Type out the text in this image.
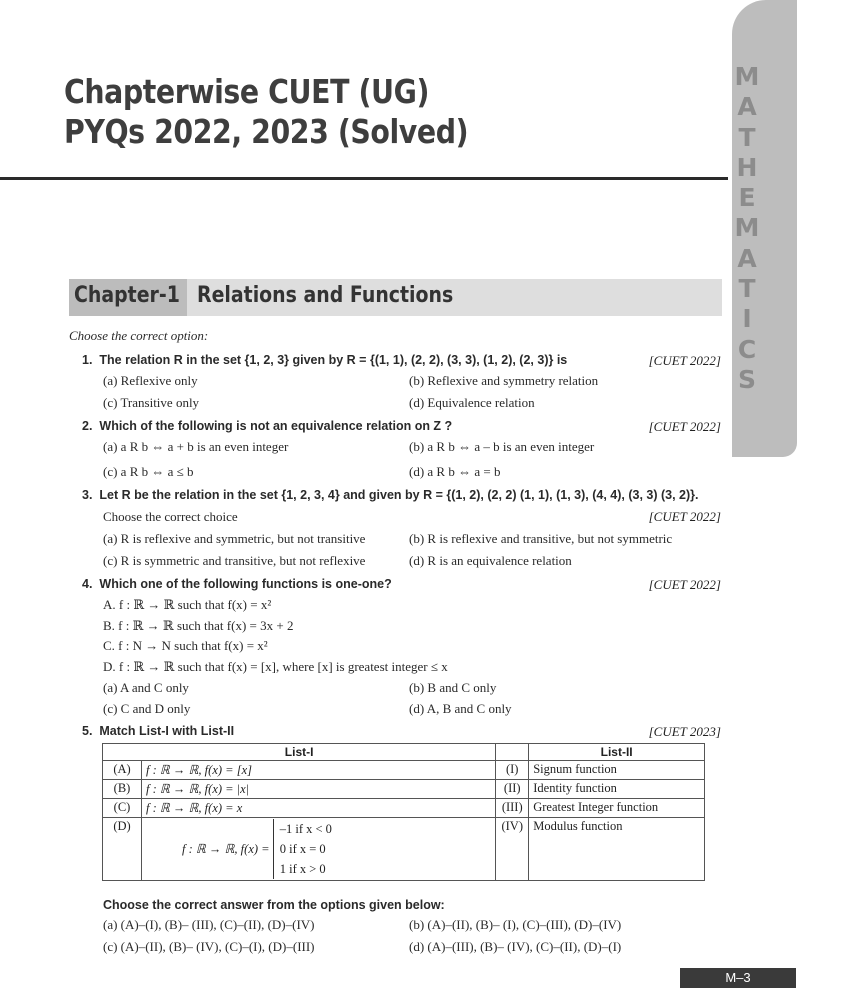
Chapterwise CUET (UG)
PYQs 2022, 2023 (Solved)
M
A
T
H
E
M
A
T
I
C
S
Chapter-1 Relations and Functions
Choose the correct option:
1. The relation R in the set {1, 2, 3} given by R = {(1, 1), (2, 2), (3, 3), (1, 2), (2, 3)} is	[CUET 2022]
(a) Reflexive only	(b) Reflexive and symmetry relation
(c) Transitive only	(d) Equivalence relation
2. Which of the following is not an equivalence relation on Z ?	[CUET 2022]
(a) a R b ⇔ a + b is an even integer	(b) a R b ⇔ a – b is an even integer
(c) a R b ⇔ a ≤ b	(d) a R b ⇔ a = b
3. Let R be the relation in the set {1, 2, 3, 4} and given by R = {(1, 2), (2, 2) (1, 1), (1, 3), (4, 4), (3, 3) (3, 2)}.
Choose the correct choice	[CUET 2022]
(a) R is reflexive and symmetric, but not transitive	(b) R is reflexive and transitive, but not symmetric
(c) R is symmetric and transitive, but not reflexive	(d) R is an equivalence relation
4. Which one of the following functions is one-one?	[CUET 2022]
A. f : ℝ → ℝ such that f(x) = x²
B. f : ℝ → ℝ such that f(x) = 3x + 2
C. f : N → N such that f(x) = x²
D. f : ℝ → ℝ such that f(x) = [x], where [x] is greatest integer ≤ x
(a) A and C only	(b) B and C only
(c) C and D only	(d) A, B and C only
5. Match List-I with List-II	[CUET 2023]
List-I			List-II
(A)	f : ℝ → ℝ, f(x) = [x]	(I)	Signum function
(B)	f : ℝ → ℝ, f(x) = |x|	(II)	Identity function
(C)	f : ℝ → ℝ, f(x) = x	(III)	Greatest Integer function
(D)	f : ℝ → ℝ, f(x) =
–1 if x < 0
0 if x = 0
1 if x > 0	(IV)	Modulus function
Choose the correct answer from the options given below:
(a) (A)–(I), (B)– (III), (C)–(II), (D)–(IV)	(b) (A)–(II), (B)– (I), (C)–(III), (D)–(IV)
(c) (A)–(II), (B)– (IV), (C)–(I), (D)–(III)	(d) (A)–(III), (B)– (IV), (C)–(II), (D)–(I)
M–3
